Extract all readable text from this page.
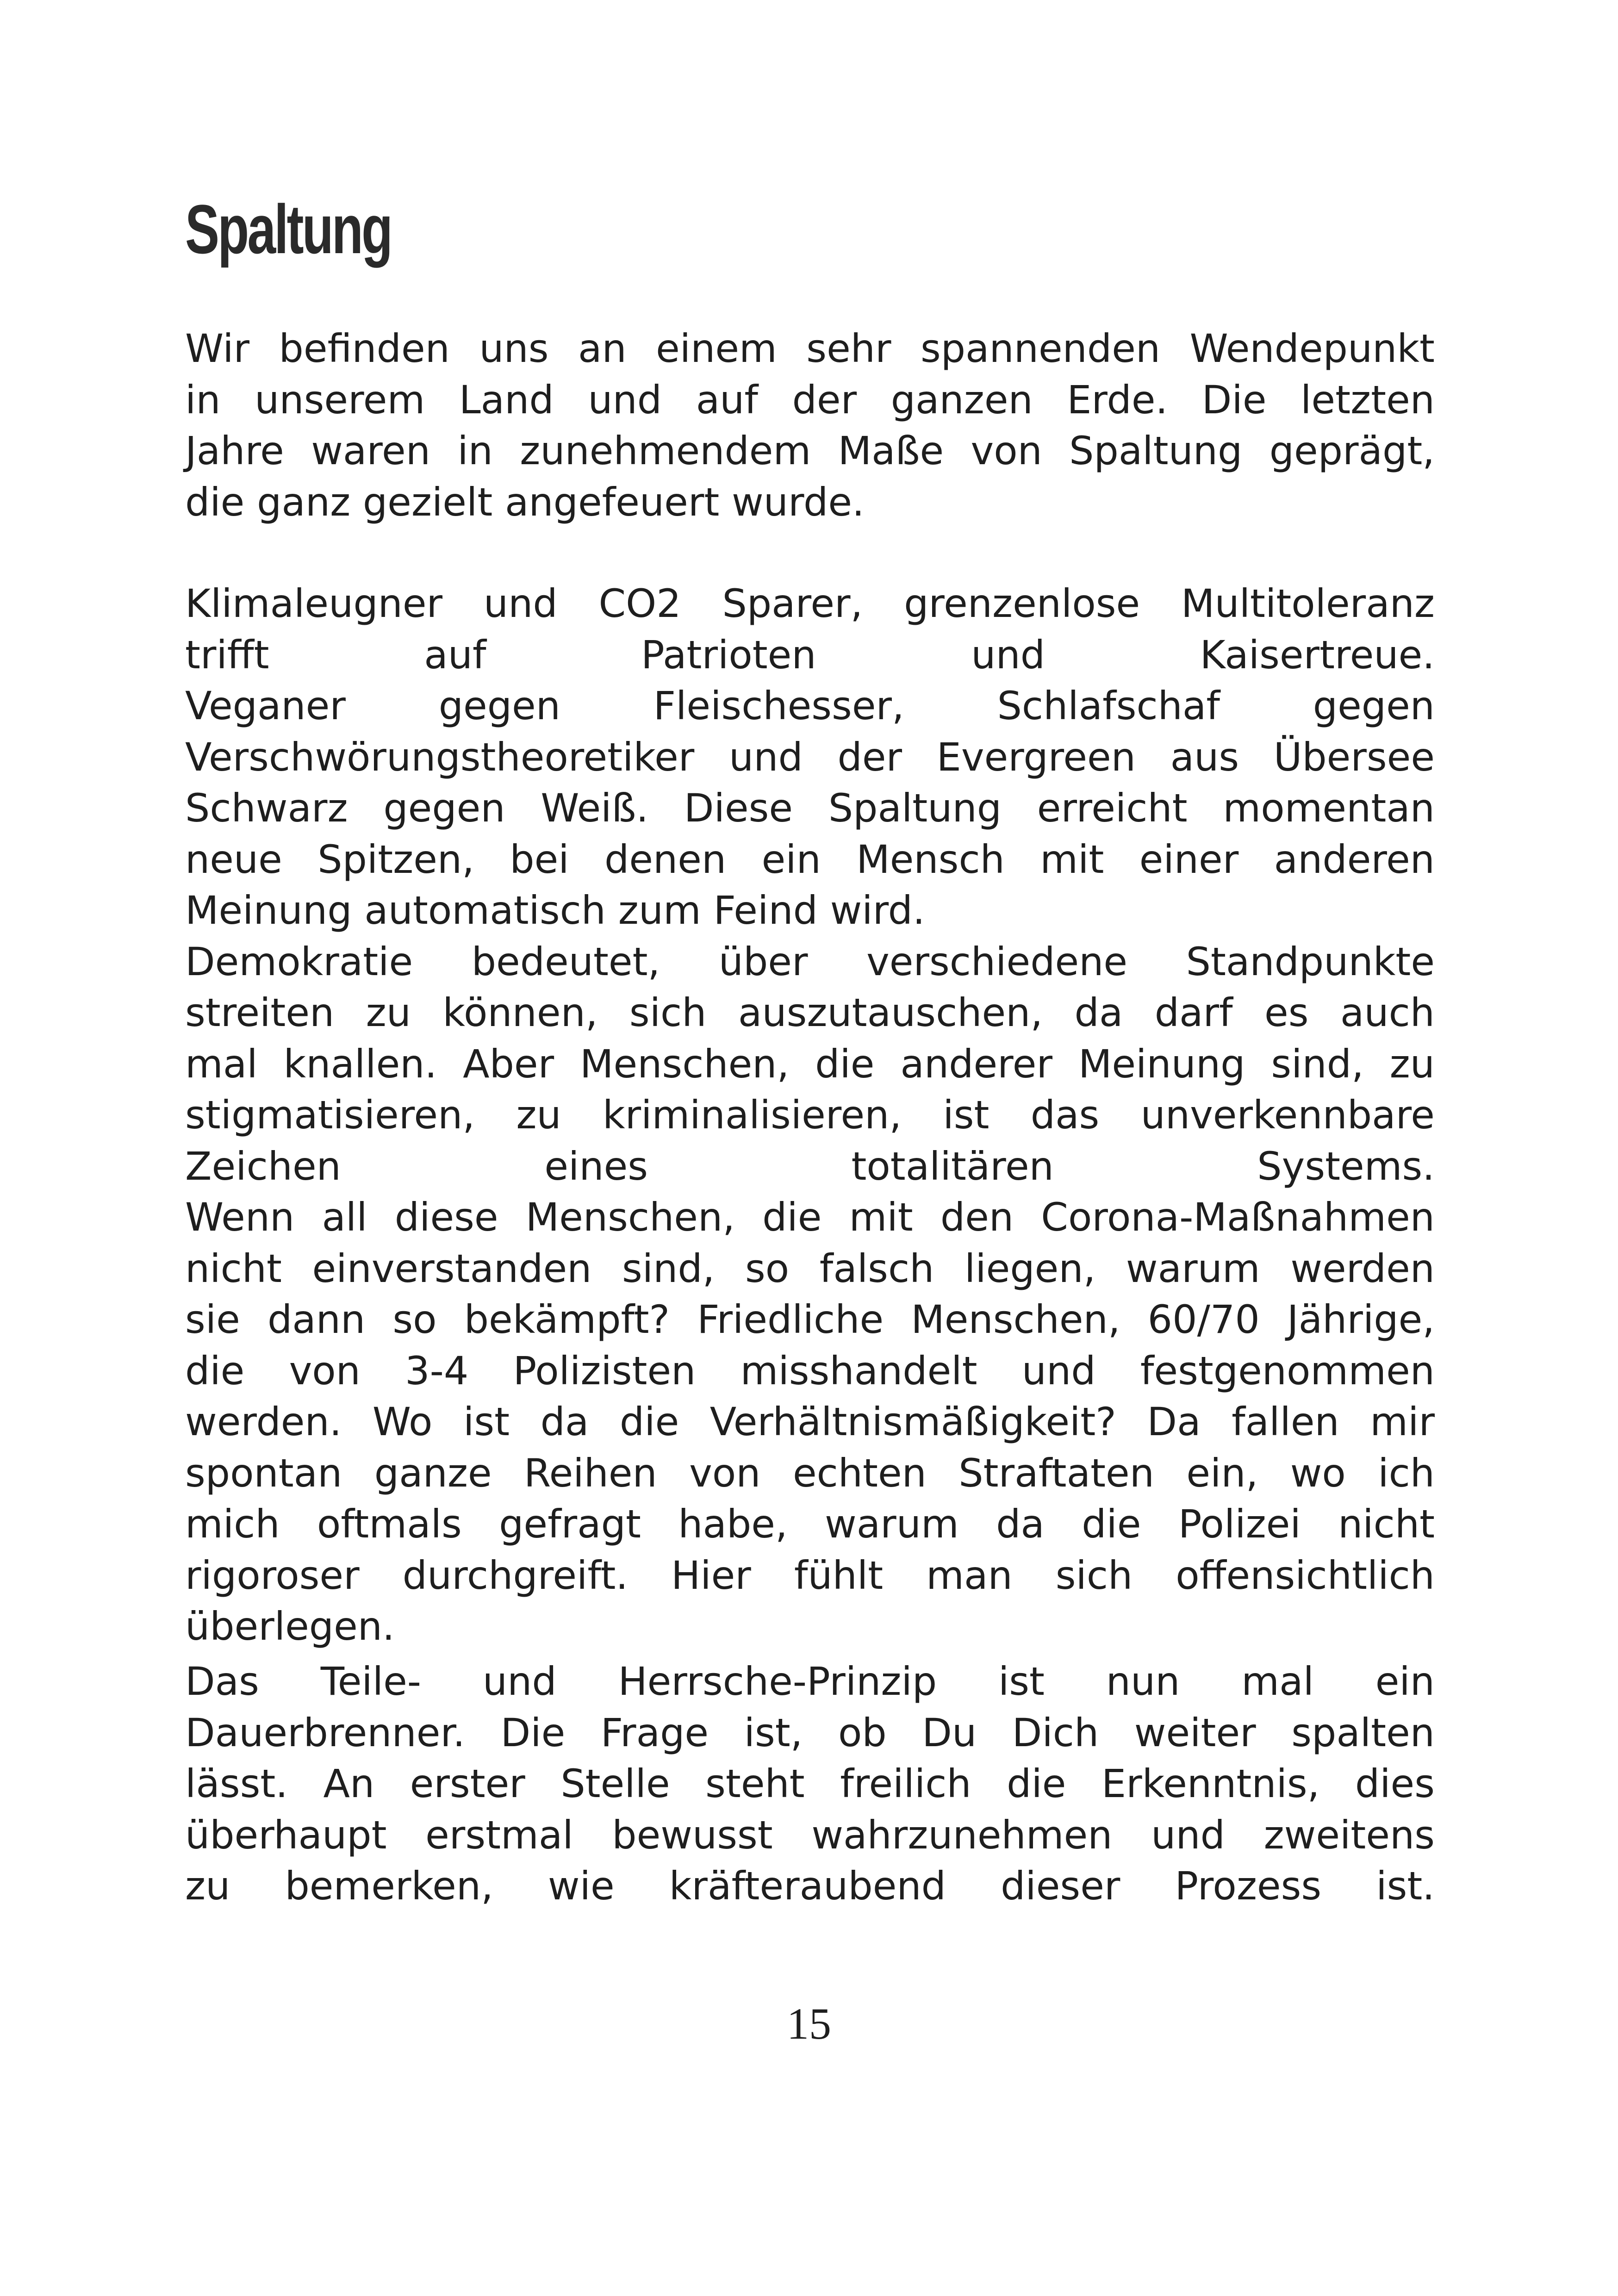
Spaltung
Wir befinden uns an einem sehr spannenden Wendepunkt
in unserem Land und auf der ganzen Erde. Die letzten
Jahre waren in zunehmendem Maße von Spaltung geprägt,
die ganz gezielt angefeuert wurde.
Klimaleugner und CO2 Sparer, grenzenlose Multitoleranz
trifft auf Patrioten und Kaisertreue.
Veganer gegen Fleischesser, Schlafschaf gegen
Verschwörungstheoretiker und der Evergreen aus Übersee
Schwarz gegen Weiß. Diese Spaltung erreicht momentan
neue Spitzen, bei denen ein Mensch mit einer anderen
Meinung automatisch zum Feind wird.
Demokratie bedeutet, über verschiedene Standpunkte
streiten zu können, sich auszutauschen, da darf es auch
mal knallen. Aber Menschen, die anderer Meinung sind, zu
stigmatisieren, zu kriminalisieren, ist das unverkennbare
Zeichen eines totalitären Systems.
Wenn all diese Menschen, die mit den Corona-Maßnahmen
nicht einverstanden sind, so falsch liegen, warum werden
sie dann so bekämpft? Friedliche Menschen, 60/70 Jährige,
die von 3-4 Polizisten misshandelt und festgenommen
werden. Wo ist da die Verhältnismäßigkeit? Da fallen mir
spontan ganze Reihen von echten Straftaten ein, wo ich
mich oftmals gefragt habe, warum da die Polizei nicht
rigoroser durchgreift. Hier fühlt man sich offensichtlich
überlegen.
Das Teile- und Herrsche-Prinzip ist nun mal ein
Dauerbrenner. Die Frage ist, ob Du Dich weiter spalten
lässt. An erster Stelle steht freilich die Erkenntnis, dies
überhaupt erstmal bewusst wahrzunehmen und zweitens
zu bemerken, wie kräfteraubend dieser Prozess ist.
15
